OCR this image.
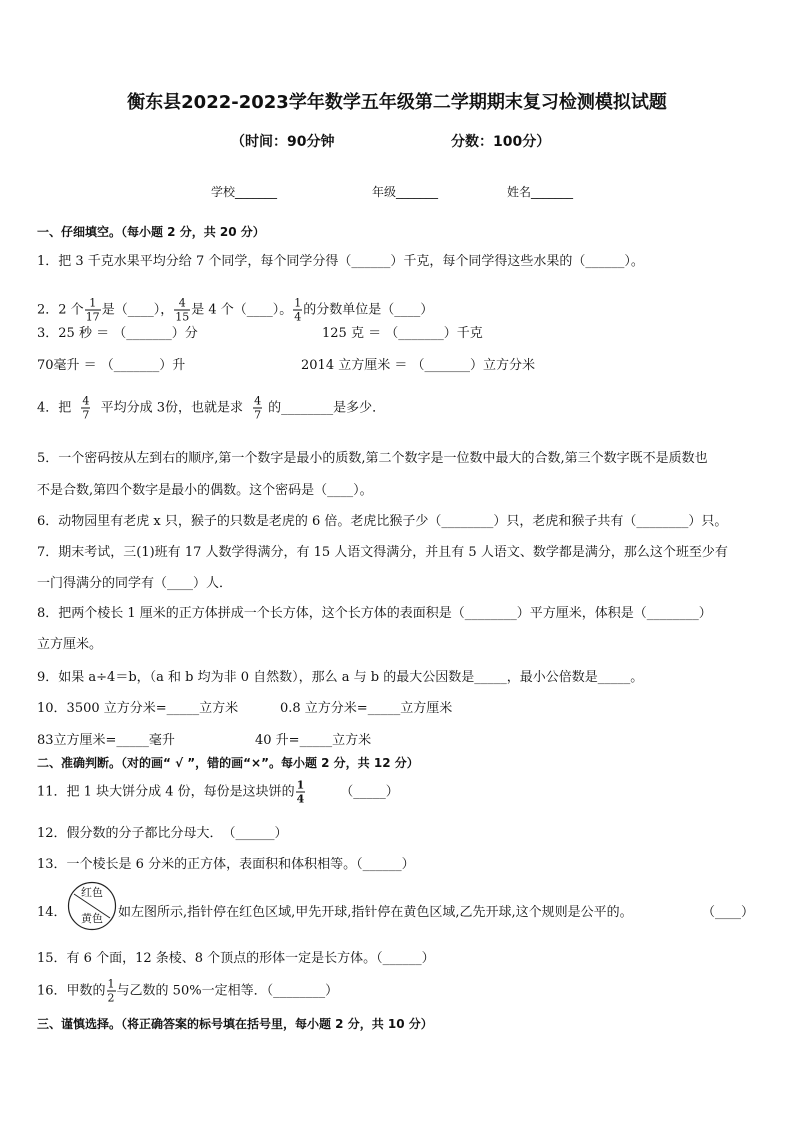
衡东县2022-2023学年数学五年级第二学期期末复习检测模拟试题
（时间：90分钟	分数：100分）
学校_______	年级_______	姓名_______
一、仔细填空。（每小题 2 分，共 20 分）
1．把 3 千克水果平均分给 7 个同学，每个同学分得（______）千克，每个同学得这些水果的（______）。
2．2 个 $\frac{1}{17}$ 是（____）， $\frac{4}{15}$ 是 4 个（____）。 $\frac{1}{4}$ 的分数单位是（____）
3．25 秒 ＝ （_______）分	125 克 ＝ （_______）千克
70毫升 ＝ （_______）升	2014 立方厘米 ＝ （_______）立方分米
4．把 $\frac{4}{7}$ 平均分成 3份，也就是求 $\frac{4}{7}$ 的________是多少．
5．一个密码按从左到右的顺序,第一个数字是最小的质数,第二个数字是一位数中最大的合数,第三个数字既不是质数也
不是合数,第四个数字是最小的偶数。这个密码是（____）。
6．动物园里有老虎 x 只，猴子的只数是老虎的 6 倍。老虎比猴子少（________）只，老虎和猴子共有（________）只。
7．期末考试，三(1)班有 17 人数学得满分，有 15 人语文得满分，并且有 5 人语文、数学都是满分，那么这个班至少有
一门得满分的同学有（____）人．
8．把两个棱长 1 厘米的正方体拼成一个长方体，这个长方体的表面积是（________）平方厘米，体积是（________）
立方厘米。
9．如果 a÷4＝b，（a 和 b 均为非 0 自然数），那么 a 与 b 的最大公因数是_____，最小公倍数是_____。
10．3500 立方分米=_____立方米	0.8 立方分米=_____立方厘米
83立方厘米=_____毫升	40 升=_____立方米
二、准确判断。（对的画“ √ ”，错的画“×”。每小题 2 分，共 12 分）
11．把 1 块大饼分成 4 份，每份是这块饼的 $\frac{1}{4}$	（_____）
12．假分数的分子都比分母大．　（______）
13．一个棱长是 6 分米的正方体，表面积和体积相等。（______）
14．
红色
黄色 如左图所示,指针停在红色区域,甲先开球,指针停在黄色区域,乙先开球,这个规则是公平的。	（____）
15．有 6 个面，12 条棱、8 个顶点的形体一定是长方体。（______）
16．甲数的 $\frac{1}{2}$ 与乙数的 50%一定相等．（________）
三、谨慎选择。（将正确答案的标号填在括号里，每小题 2 分，共 10 分）
